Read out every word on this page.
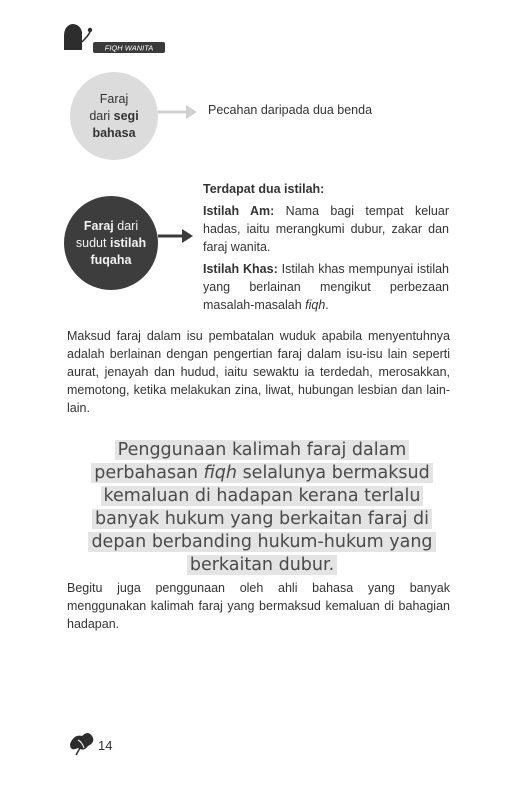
FIQH WANITA
Faraj
dari segi
bahasa
Pecahan daripada dua benda
Faraj dari
sudut istilah
fuqaha
Terdapat dua istilah:

Istilah Am: Nama bagi tempat keluar hadas, iaitu merangkumi dubur, zakar dan faraj wanita.

Istilah Khas: Istilah khas mempunyai istilah yang berlainan mengikut perbezaan masalah-masalah fiqh.

Maksud faraj dalam isu pembatalan wuduk apabila menyentuhnya adalah berlainan dengan pengertian faraj dalam isu-isu lain seperti aurat, jenayah dan hudud, iaitu sewaktu ia terdedah, merosakkan, memotong, ketika melakukan zina, liwat, hubungan lesbian dan lain-lain.

Penggunaan kalimah faraj dalam
perbahasan fiqh selalunya bermaksud
kemaluan di hadapan kerana terlalu
banyak hukum yang berkaitan faraj di
depan berbanding hukum-hukum yang
berkaitan dubur.

Begitu juga penggunaan oleh ahli bahasa yang banyak menggunakan kalimah faraj yang bermaksud kemaluan di bahagian hadapan.

14
